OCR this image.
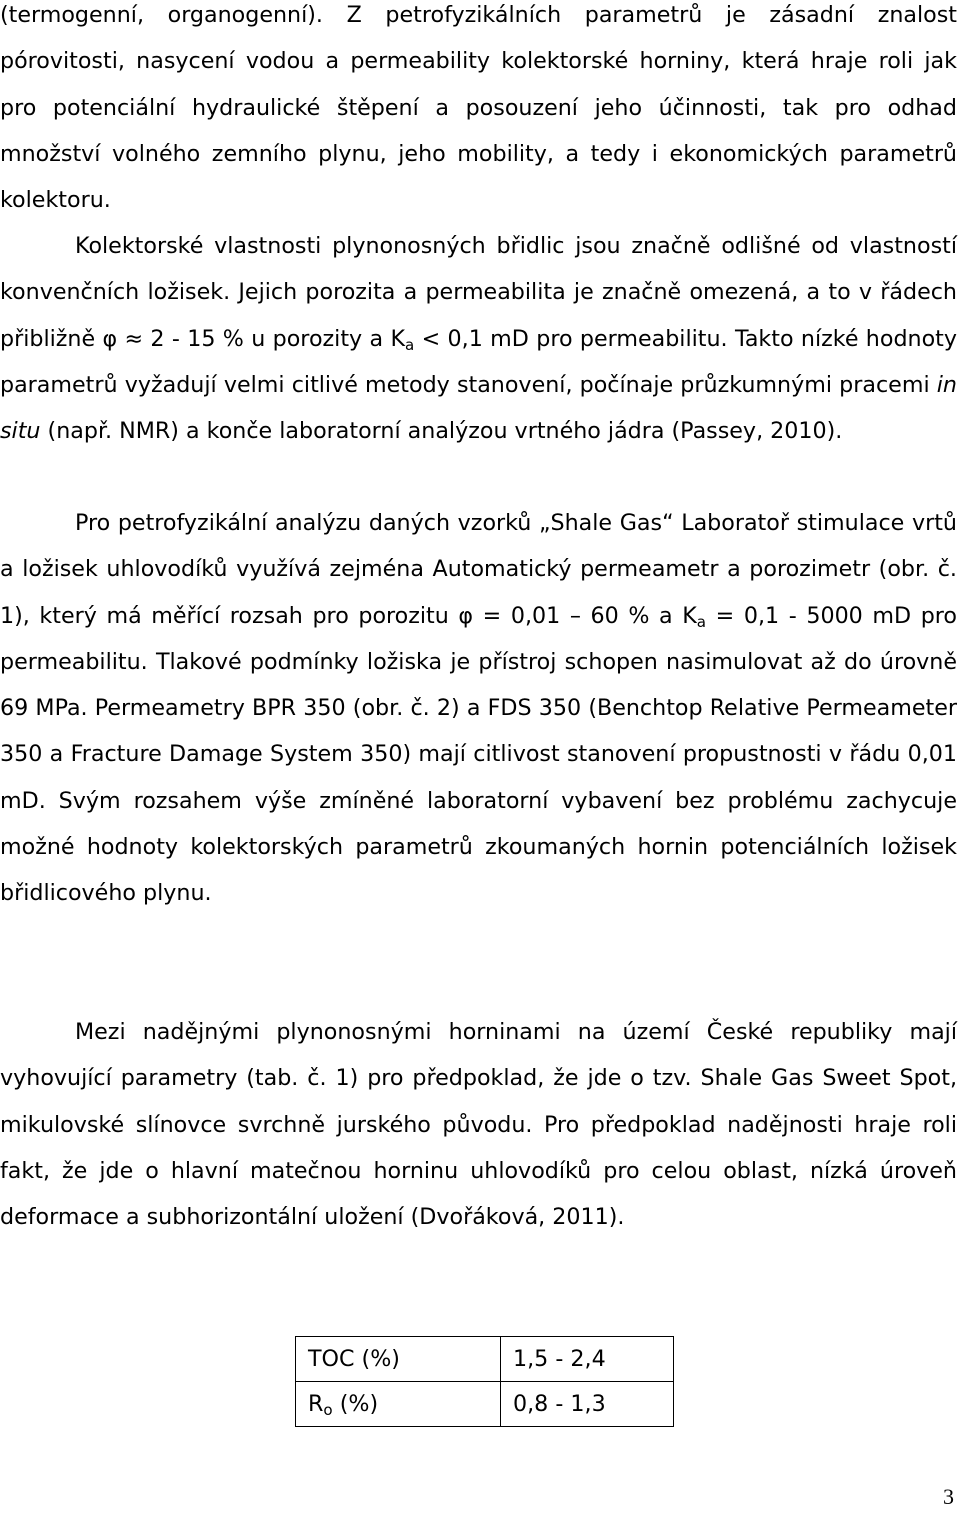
(termogenní, organogenní). Z petrofyzikálních parametrů je zásadní znalost pórovitosti, nasycení vodou a permeability kolektorské horniny, která hraje roli jak pro potenciální hydraulické štěpení a posouzení jeho účinnosti, tak pro odhad množství volného zemního plynu, jeho mobility, a tedy i ekonomických parametrů kolektoru.

Kolektorské vlastnosti plynonosných břidlic jsou značně odlišné od vlastností konvenčních ložisek. Jejich porozita a permeabilita je značně omezená, a to v řádech přibližně φ ≈ 2 - 15 % u porozity a $K_a < 0,1$ mD pro permeabilitu. Takto nízké hodnoty parametrů vyžadují velmi citlivé metody stanovení, počínaje průzkumnými pracemi in situ (např. NMR) a konče laboratorní analýzou vrtného jádra (Passey, 2010).

Pro petrofyzikální analýzu daných vzorků „Shale Gas“ Laboratoř stimulace vrtů a ložisek uhlovodíků využívá zejména Automatický permeametr a porozimetr (obr. č. 1), který má měřící rozsah pro porozitu φ = 0,01 – 60 % a $K_a = 0,1 - 5000$ mD pro permeabilitu. Tlakové podmínky ložiska je přístroj schopen nasimulovat až do úrovně 69 MPa. Permeametry BPR 350 (obr. č. 2) a FDS 350 (Benchtop Relative Permeameter 350 a Fracture Damage System 350) mají citlivost stanovení propustnosti v řádu 0,01 mD. Svým rozsahem výše zmíněné laboratorní vybavení bez problému zachycuje možné hodnoty kolektorských parametrů zkoumaných hornin potenciálních ložisek břidlicového plynu.

Mezi nadějnými plynonosnými horninami na území České republiky mají vyhovující parametry (tab. č. 1) pro předpoklad, že jde o tzv. Shale Gas Sweet Spot, mikulovské slínovce svrchně jurského původu. Pro předpoklad nadějnosti hraje roli fakt, že jde o hlavní matečnou horninu uhlovodíků pro celou oblast, nízká úroveň deformace a subhorizontální uložení (Dvořáková, 2011).

TOC (%)	1,5 - 2,4
$R_o$ (%)	0,8 - 1,3
3
